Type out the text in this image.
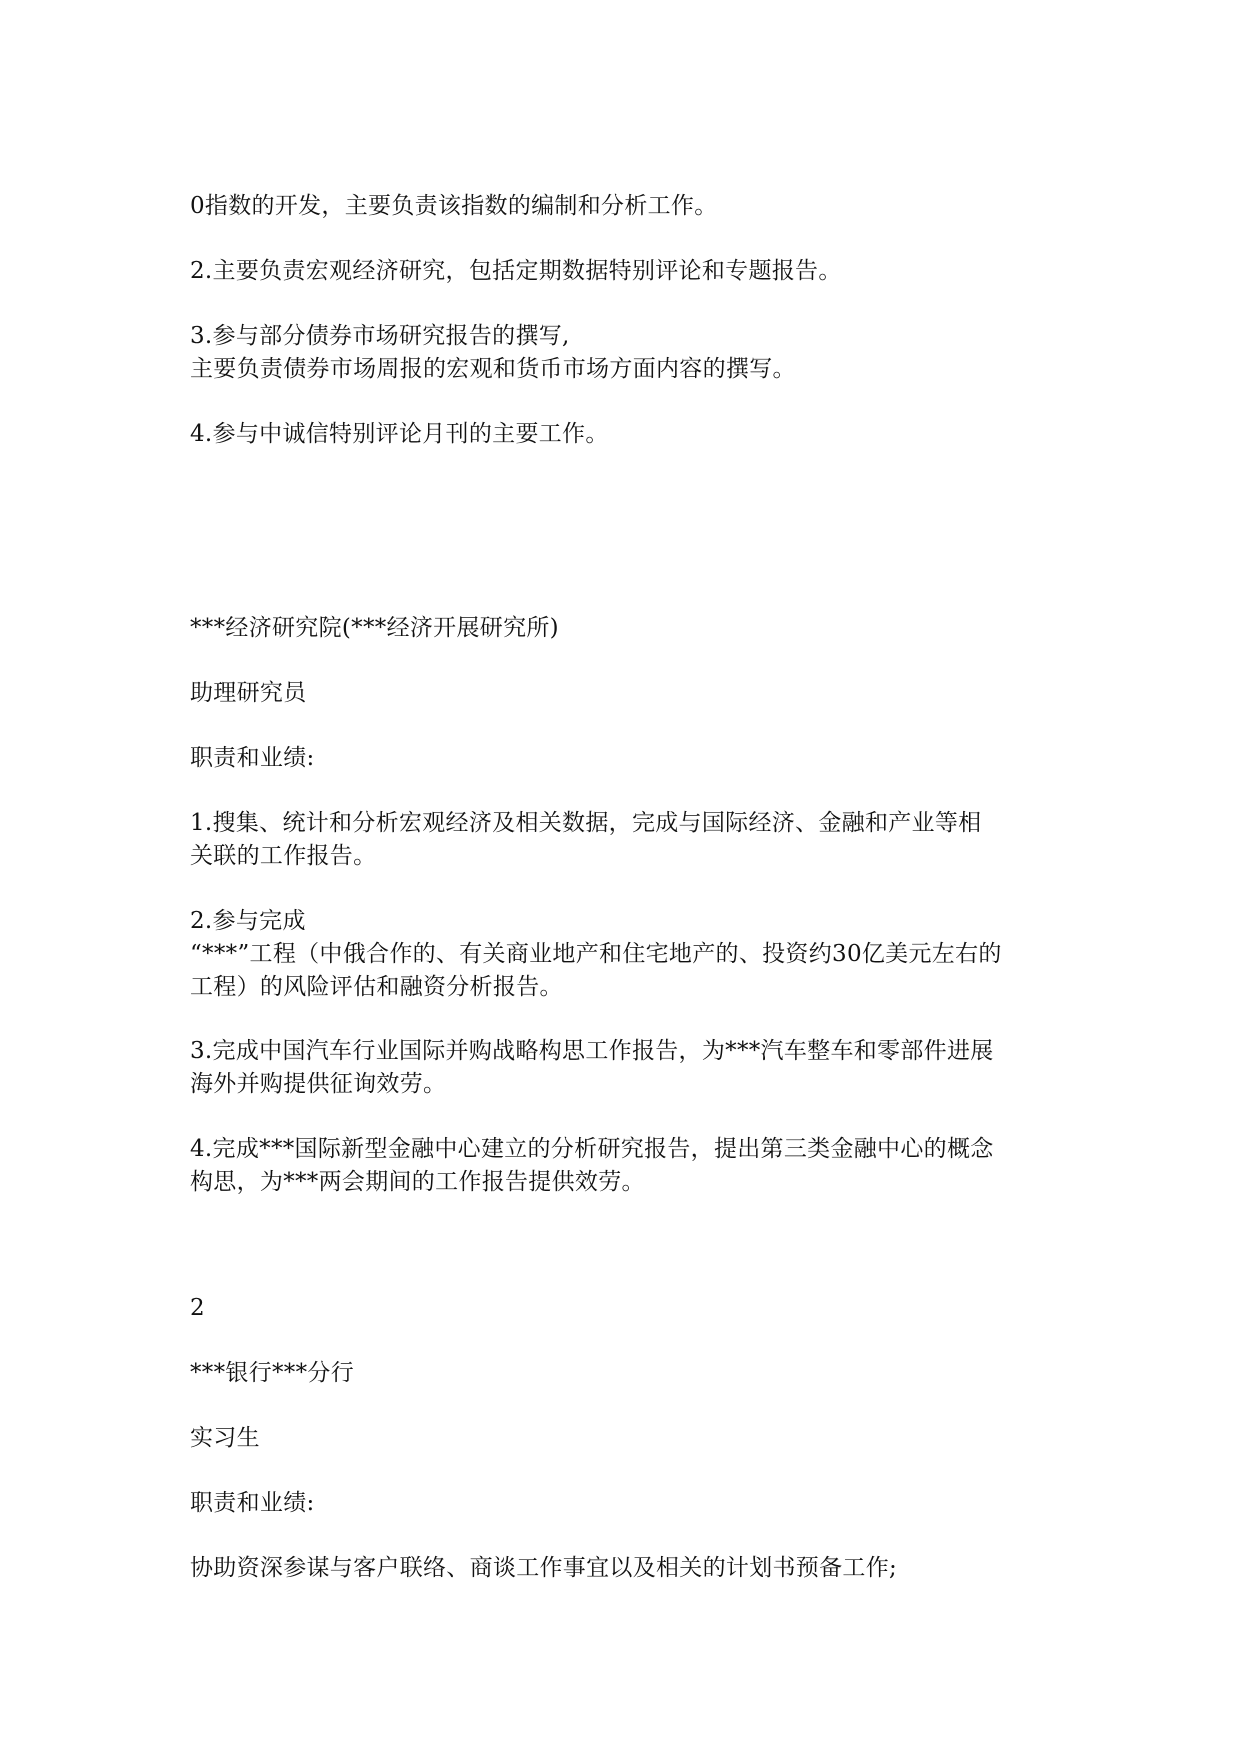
0指数的开发，主要负责该指数的编制和分析工作。
2.主要负责宏观经济研究，包括定期数据特别评论和专题报告。
3.参与部分债券市场研究报告的撰写,
主要负责债券市场周报的宏观和货币市场方面内容的撰写。
4.参与中诚信特别评论月刊的主要工作。
***经济研究院(***经济开展研究所)
助理研究员
职责和业绩:
1.搜集、统计和分析宏观经济及相关数据，完成与国际经济、金融和产业等相
关联的工作报告。
2.参与完成
“***”工程（中俄合作的、有关商业地产和住宅地产的、投资约30亿美元左右的
工程）的风险评估和融资分析报告。
3.完成中国汽车行业国际并购战略构思工作报告，为***汽车整车和零部件进展
海外并购提供征询效劳。
4.完成***国际新型金融中心建立的分析研究报告，提出第三类金融中心的概念
构思，为***两会期间的工作报告提供效劳。
2
***银行***分行
实习生
职责和业绩:
协助资深参谋与客户联络、商谈工作事宜以及相关的计划书预备工作;
